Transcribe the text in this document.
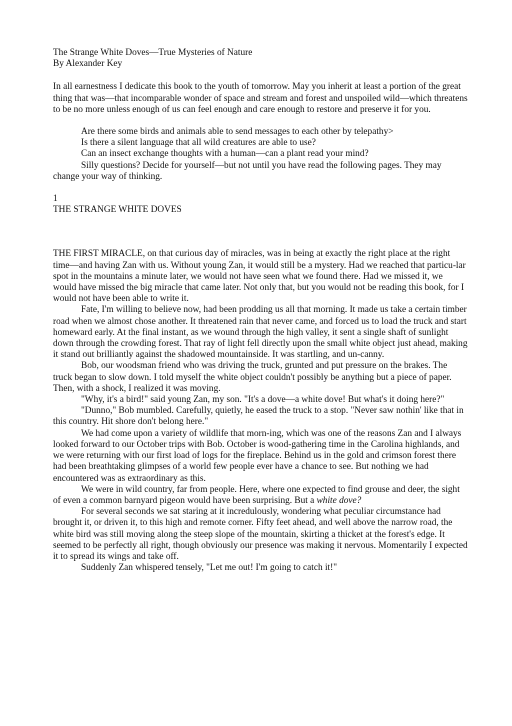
The Strange White Doves—True Mysteries of Nature

By Alexander Key

In all earnestness I dedicate this book to the youth of tomorrow. May you inherit at least a portion of the great thing that was—that incomparable wonder of space and stream and forest and unspoiled wild—which threatens to be no more unless enough of us can feel enough and care enough to restore and preserve it for you.

Are there some birds and animals able to send messages to each other by telepathy>

Is there a silent language that all wild creatures are able to use?

Can an insect exchange thoughts with a human—can a plant read your mind?

Silly questions? Decide for yourself—but not until you have read the following pages. They may change your way of thinking.

1

THE STRANGE WHITE DOVES

THE FIRST MIRACLE, on that curious day of miracles, was in being at exactly the right place at the right time—and having Zan with us. Without young Zan, it would still be a mystery. Had we reached that particu-lar spot in the mountains a minute later, we would not have seen what we found there. Had we missed it, we would have missed the big miracle that came later. Not only that, but you would not be reading this book, for I would not have been able to write it.

Fate, I'm willing to believe now, had been prodding us all that morning. It made us take a certain timber road when we almost chose another. It threatened rain that never came, and forced us to load the truck and start homeward early. At the final instant, as we wound through the high valley, it sent a single shaft of sunlight down through the crowding forest. That ray of light fell directly upon the small white object just ahead, making it stand out brilliantly against the shadowed mountainside. It was startling, and un-canny.

Bob, our woodsman friend who was driving the truck, grunted and put pressure on the brakes. The truck began to slow down. I told myself the white object couldn't possibly be anything but a piece of paper. Then, with a shock, I realized it was moving.

"Why, it's a bird!" said young Zan, my son. "It's a dove—a white dove! But what's it doing here?"

"Dunno," Bob mumbled. Carefully, quietly, he eased the truck to a stop. "Never saw nothin' like that in this country. Hit shore don't belong here."

We had come upon a variety of wildlife that morn-ing, which was one of the reasons Zan and I always looked forward to our October trips with Bob. October is wood-gathering time in the Carolina highlands, and we were returning with our first load of logs for the fireplace. Behind us in the gold and crimson forest there had been breathtaking glimpses of a world few people ever have a chance to see. But nothing we had encountered was as extraordinary as this.

We were in wild country, far from people. Here, where one expected to find grouse and deer, the sight of even a common barnyard pigeon would have been surprising. But a white dove?

For several seconds we sat staring at it incredulously, wondering what peculiar circumstance had brought it, or driven it, to this high and remote corner. Fifty feet ahead, and well above the narrow road, the white bird was still moving along the steep slope of the mountain, skirting a thicket at the forest's edge. It seemed to be perfectly all right, though obviously our presence was making it nervous. Momentarily I expected it to spread its wings and take off.

Suddenly Zan whispered tensely, "Let me out! I'm going to catch it!"
